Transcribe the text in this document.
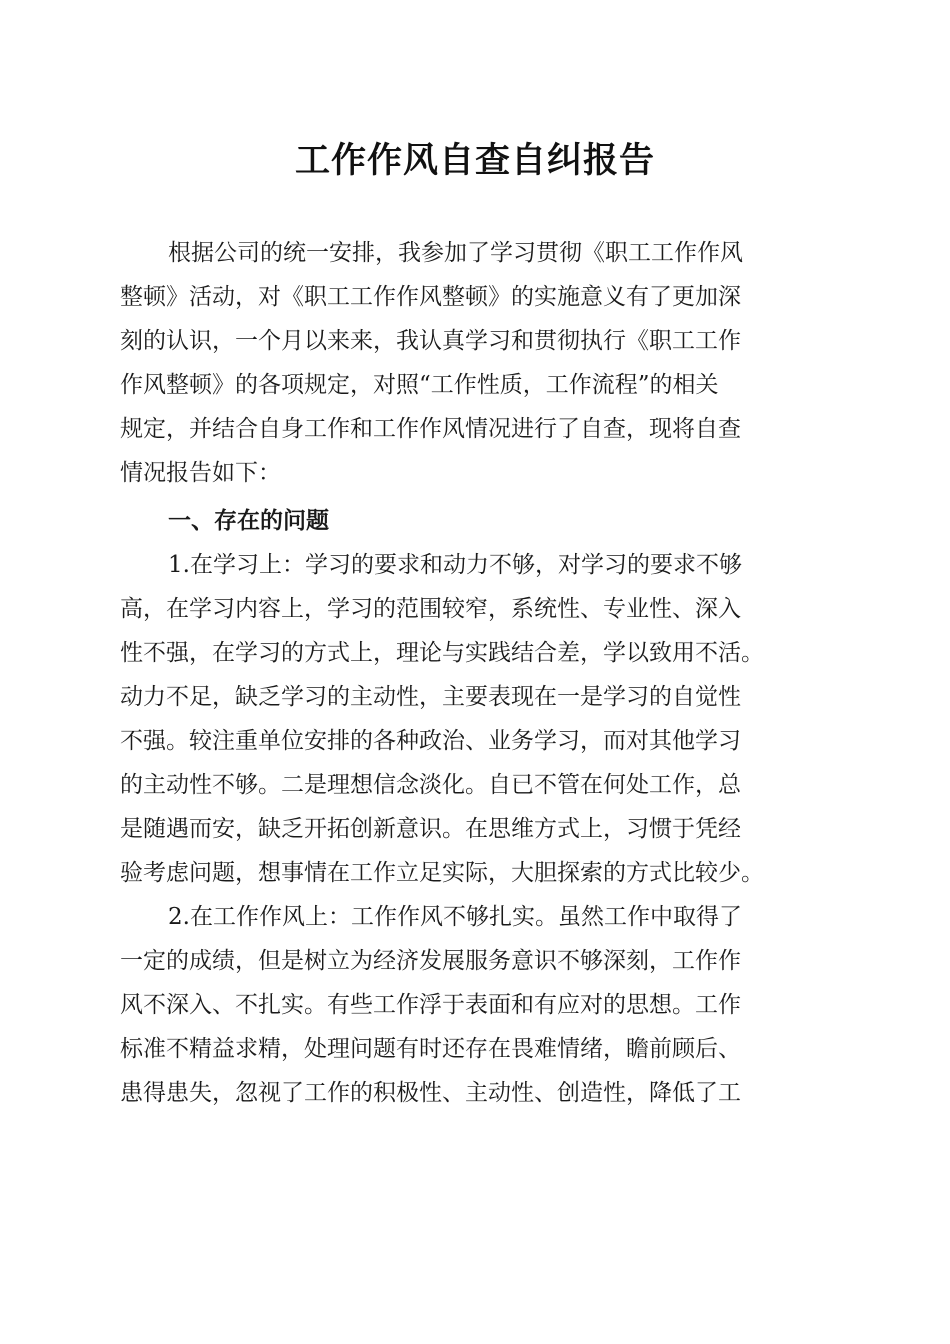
工作作风自查自纠报告
根据公司的统一安排，我参加了学习贯彻《职工工作作风
整顿》活动，对《职工工作作风整顿》的实施意义有了更加深
刻的认识，一个月以来来，我认真学习和贯彻执行《职工工作
作风整顿》的各项规定，对照“工作性质，工作流程”的相关
规定，并结合自身工作和工作作风情况进行了自查，现将自查
情况报告如下：
一、存在的问题
1.在学习上：学习的要求和动力不够，对学习的要求不够
高，在学习内容上，学习的范围较窄，系统性、专业性、深入
性不强，在学习的方式上，理论与实践结合差，学以致用不活。
动力不足，缺乏学习的主动性，主要表现在一是学习的自觉性
不强。较注重单位安排的各种政治、业务学习，而对其他学习
的主动性不够。二是理想信念淡化。自已不管在何处工作，总
是随遇而安，缺乏开拓创新意识。在思维方式上，习惯于凭经
验考虑问题，想事情在工作立足实际，大胆探索的方式比较少。
2.在工作作风上：工作作风不够扎实。虽然工作中取得了
一定的成绩，但是树立为经济发展服务意识不够深刻，工作作
风不深入、不扎实。有些工作浮于表面和有应对的思想。工作
标准不精益求精，处理问题有时还存在畏难情绪，瞻前顾后、
患得患失，忽视了工作的积极性、主动性、创造性，降低了工
